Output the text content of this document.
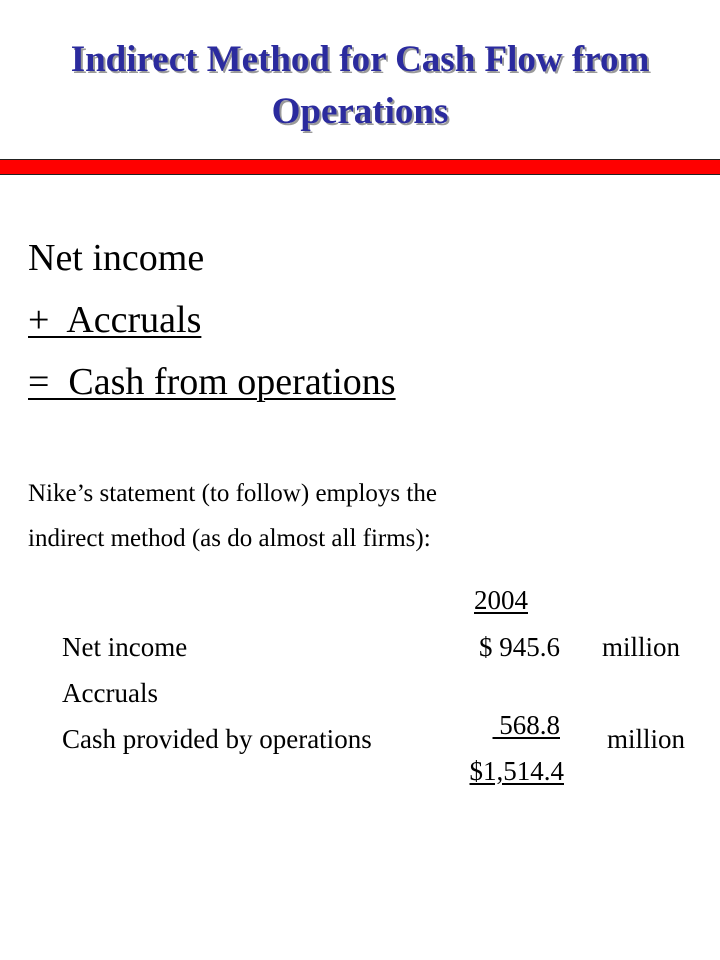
Indirect Method for Cash Flow from
Operations
Net income
+  Accruals
=  Cash from operations
Nike’s statement (to follow) employs the
indirect method (as do almost all firms):
2004
Net income	$ 945.6 million
Accruals

568.8

Cash provided by operations

$1,514.4

million
